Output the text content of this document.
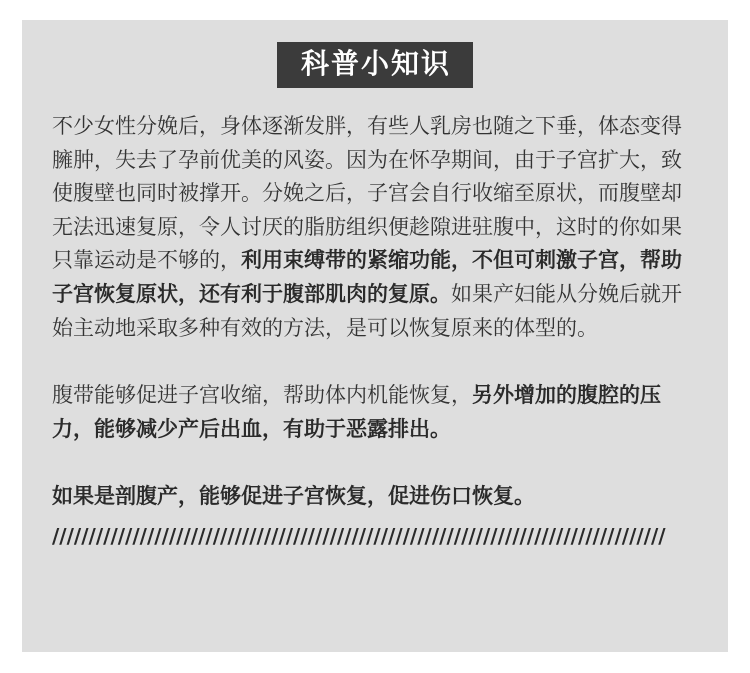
科普小知识

不少女性分娩后，身体逐渐发胖，有些人乳房也随之下垂，体态变得臃肿，失去了孕前优美的风姿。因为在怀孕期间，由于子宫扩大，致使腹壁也同时被撑开。分娩之后，子宫会自行收缩至原状，而腹壁却无法迅速复原，令人讨厌的脂肪组织便趁隙进驻腹中，这时的你如果只靠运动是不够的，利用束缚带的紧缩功能，不但可刺激子宫，帮助子宫恢复原状，还有利于腹部肌肉的复原。如果产妇能从分娩后就开始主动地采取多种有效的方法，是可以恢复原来的体型的。

腹带能够促进子宫收缩，帮助体内机能恢复，另外增加的腹腔的压力，能够减少产后出血，有助于恶露排出。

如果是剖腹产，能够促进子宫恢复，促进伤口恢复。

////////////////////////////////////////////////////////////////////////////////////
